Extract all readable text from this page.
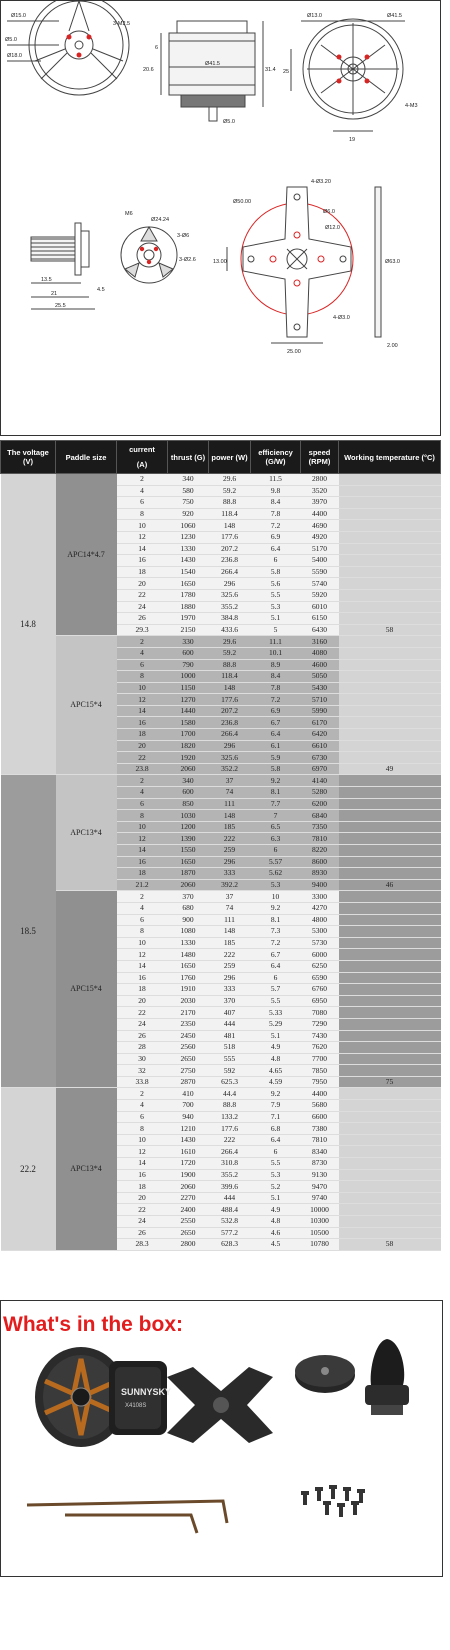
Ø15.0
Ø5.0
Ø18.0
3-M2.5
Ø41.5
6
20.6	31.4
Ø5.0
Ø13.0	Ø41.5
25
19
4-M3
13.5
21
25.5
4.5
Ø24.24
3-Ø6
3-Ø2.6
M6
Ø50.00
4-Ø3.20
Ø6.0
Ø12.0
4-Ø3.0
13.00
25.00
Ø63.0
2.00
The voltage (V)	Paddle size	current
(A)	thrust (G)	power (W)	efficiency (G/W)	speed (RPM)	Working temperature (°C)
14.8	APC14*4.7	2	340	29.6	11.5	2800	
		4	580	59.2	9.8	3520	
		6	750	88.8	8.4	3970	
		8	920	118.4	7.8	4400	
		10	1060	148	7.2	4690	
		12	1230	177.6	6.9	4920	
		14	1330	207.2	6.4	5170	
		16	1430	236.8	6	5400	
		18	1540	266.4	5.8	5590	
		20	1650	296	5.6	5740	
		22	1780	325.6	5.5	5920	
		24	1880	355.2	5.3	6010	
		26	1970	384.8	5.1	6150	
		29.3	2150	433.6	5	6430	58
	APC15*4	2	330	29.6	11.1	3160	
		4	600	59.2	10.1	4080	
		6	790	88.8	8.9	4600	
		8	1000	118.4	8.4	5050	
		10	1150	148	7.8	5430	
		12	1270	177.6	7.2	5710	
		14	1440	207.2	6.9	5990	
		16	1580	236.8	6.7	6170	
		18	1700	266.4	6.4	6420	
		20	1820	296	6.1	6610	
		22	1920	325.6	5.9	6730	
		23.8	2060	352.2	5.8	6970	49
18.5	APC13*4	2	340	37	9.2	4140	
		4	600	74	8.1	5280	
		6	850	111	7.7	6200	
		8	1030	148	7	6840	
		10	1200	185	6.5	7350	
		12	1390	222	6.3	7810	
		14	1550	259	6	8220	
		16	1650	296	5.57	8600	
		18	1870	333	5.62	8930	
		21.2	2060	392.2	5.3	9400	46
	APC15*4	2	370	37	10	3300	
		4	680	74	9.2	4270	
		6	900	111	8.1	4800	
		8	1080	148	7.3	5300	
		10	1330	185	7.2	5730	
		12	1480	222	6.7	6000	
		14	1650	259	6.4	6250	
		16	1760	296	6	6590	
		18	1910	333	5.7	6760	
		20	2030	370	5.5	6950	
		22	2170	407	5.33	7080	
		24	2350	444	5.29	7290	
		26	2450	481	5.1	7430	
		28	2560	518	4.9	7620	
		30	2650	555	4.8	7700	
		32	2750	592	4.65	7850	
		33.8	2870	625.3	4.59	7950	75
22.2	APC13*4	2	410	44.4	9.2	4400	
		4	700	88.8	7.9	5680	
		6	940	133.2	7.1	6600	
		8	1210	177.6	6.8	7380	
		10	1430	222	6.4	7810	
		12	1610	266.4	6	8340	
		14	1720	310.8	5.5	8730	
		16	1900	355.2	5.3	9130	
		18	2060	399.6	5.2	9470	
		20	2270	444	5.1	9740	
		22	2400	488.4	4.9	10000	
		24	2550	532.8	4.8	10300	
		26	2650	577.2	4.6	10500	
		28.3	2800	628.3	4.5	10780	58
SUNNYSKY
X4108S
What's in the box:
